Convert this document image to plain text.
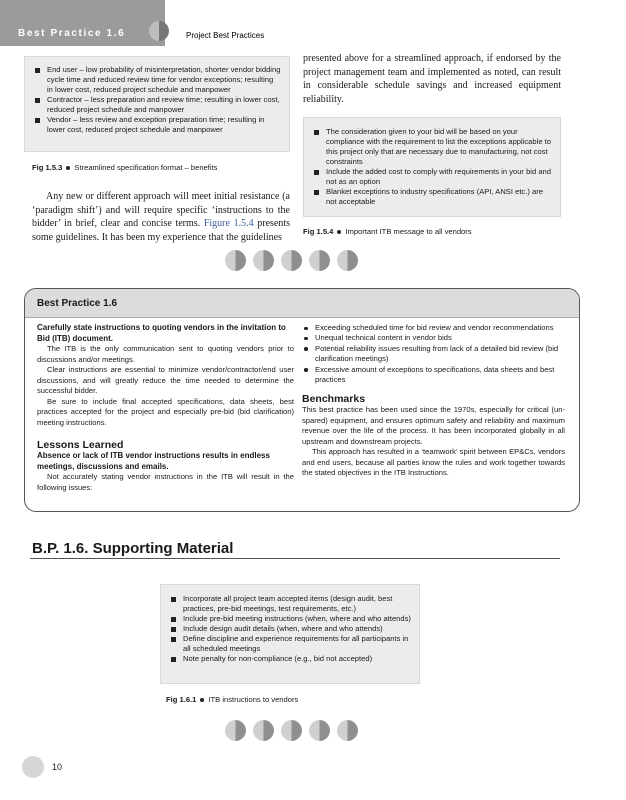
Best Practice 1.6	Project Best Practices
End user – low probability of misinterpretation, shorter vendor bidding cycle time and reduced review time for vendor exceptions; resulting in lower cost, reduced project schedule and manpower
Contractor – less preparation and review time; resulting in lower cost, reduced project schedule and manpower
Vendor – less review and exception preparation time; resulting in lower cost, reduced project schedule and manpower
Fig 1.5.3 Streamlined specification format – benefits
Any new or different approach will meet initial resistance (a ‘paradigm shift’) and will require specific ‘instructions to the bidder’ in brief, clear and concise terms. Figure 1.5.4 presents some guidelines. It has been my experience that the guidelines
presented above for a streamlined approach, if endorsed by the project management team and implemented as noted, can result in considerable schedule savings and increased equipment reliability.
The consideration given to your bid will be based on your compliance with the requirement to list the exceptions applicable to this project only that are necessary due to manufacturing, not cost constraints
Include the added cost to comply with requirements in your bid and not as an option
Blanket exceptions to industry specifications (API, ANSI etc.) are not acceptable
Fig 1.5.4 Important ITB message to all vendors
Best Practice 1.6

Carefully state instructions to quoting vendors in the invitation to Bid (ITB) document.

The ITB is the only communication sent to quoting vendors prior to discussions and/or meetings.

Clear instructions are essential to minimize vendor/contractor/end user discussions, and will greatly reduce the time needed to determine the successful bidder.

Be sure to include final accepted specifications, data sheets, best practices accepted for the project and especially pre-bid (bid clarification) meeting instructions.

Lessons Learned

Absence or lack of ITB vendor instructions results in endless meetings, discussions and emails.

Not accurately stating vendor instructions in the ITB will result in the following issues:

Exceeding scheduled time for bid review and vendor recommendations
Unequal technical content in vendor bids
Potential reliability issues resulting from lack of a detailed bid review (bid clarification meetings)
Excessive amount of exceptions to specifications, data sheets and best practices

Benchmarks

This best practice has been used since the 1970s, especially for critical (un-spared) equipment, and ensures optimum safety and reliability and maximum revenue over the life of the process. It has been incorporated globally in all upstream and downstream projects.

This approach has resulted in a ‘teamwork’ spirit between EP&Cs, vendors and end users, because all parties know the rules and work together towards the stated objectives in the ITB Instructions.

B.P. 1.6. Supporting Material
Incorporate all project team accepted items (design audit, best practices, pre-bid meetings, test requirements, etc.)
Include pre-bid meeting instructions (when, where and who attends)
Include design audit details (when, where and who attends)
Define discipline and experience requirements for all participants in all scheduled meetings
Note penalty for non-compliance (e.g., bid not accepted)
Fig 1.6.1 ITB instructions to vendors
10
